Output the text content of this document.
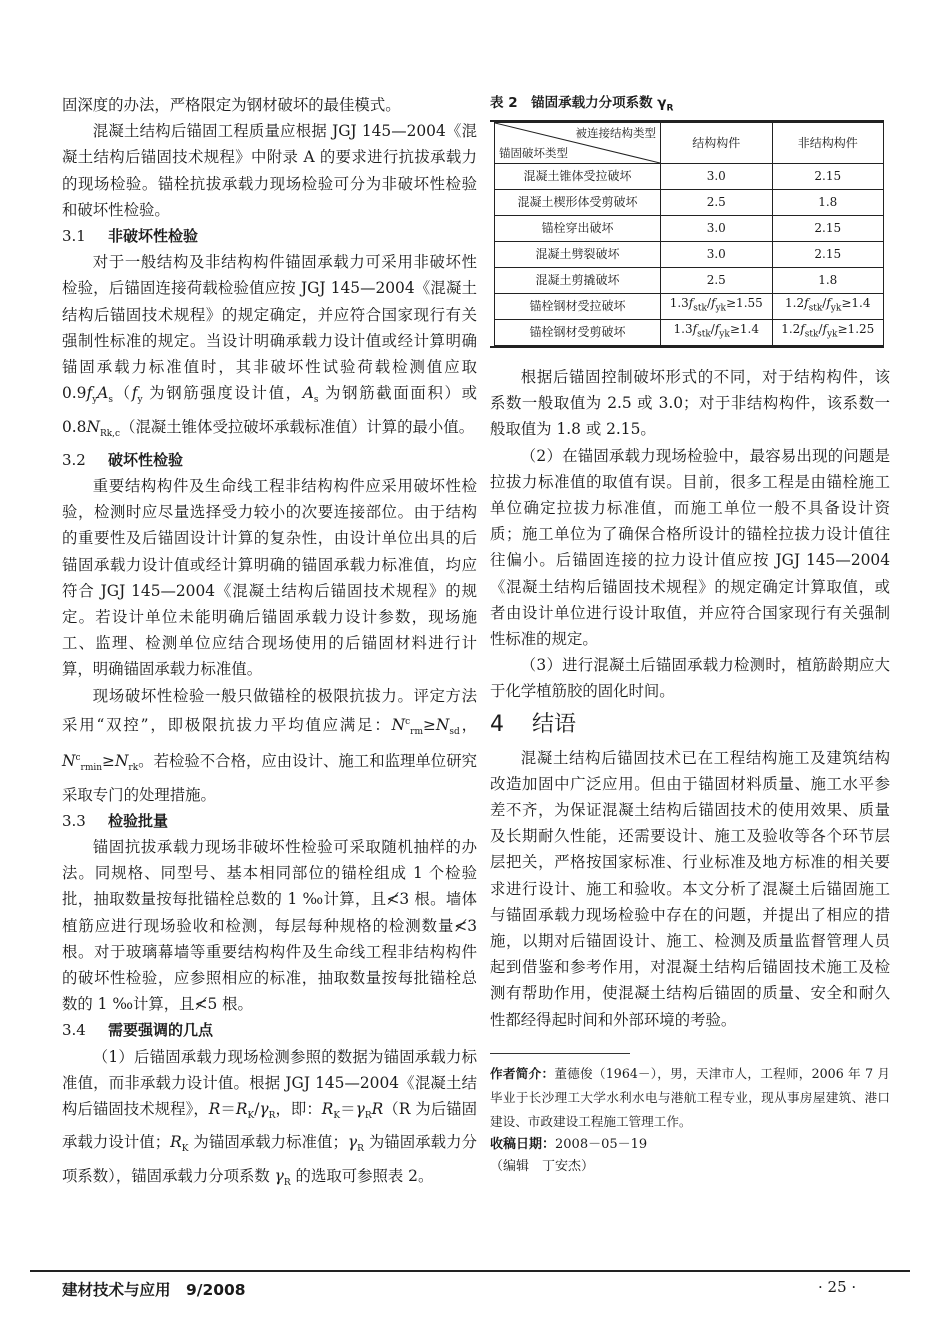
固深度的办法，严格限定为钢材破坏的最佳模式。

混凝土结构后锚固工程质量应根据 JGJ 145—2004《混凝土结构后锚固技术规程》中附录 A 的要求进行抗拔承载力的现场检验。锚栓抗拔承载力现场检验可分为非破坏性检验和破坏性检验。

3.1 非破坏性检验

对于一般结构及非结构构件锚固承载力可采用非破坏性检验，后锚固连接荷载检验值应按 JGJ 145—2004《混凝土结构后锚固技术规程》的规定确定，并应符合国家现行有关强制性标准的规定。当设计明确承载力设计值或经计算明确锚固承载力标准值时，其非破坏性试验荷载检测值应取 $0.9f_yA_s(f_y$ 为钢筋强度设计值，$A_s$ 为钢筋截面面积）或 $0.8N_{Rk,c}$（混凝土锥体受拉破坏承载标准值）计算的最小值。

3.2 破坏性检验

重要结构构件及生命线工程非结构构件应采用破坏性检验，检测时应尽量选择受力较小的次要连接部位。由于结构的重要性及后锚固设计计算的复杂性，由设计单位出具的后锚固承载力设计值或经计算明确的锚固承载力标准值，均应符合 JGJ 145—2004《混凝土结构后锚固技术规程》的规定。若设计单位未能明确后锚固承载力设计参数，现场施工、监理、检测单位应结合现场使用的后锚固材料进行计算，明确锚固承载力标准值。

现场破坏性检验一般只做锚栓的极限抗拔力。评定方法采用“双控”，即极限抗拔力平均值应满足：$N^c_{rm}\ge N_{sd}$，$N^c_{rmin}\ge N_{rk}$。若检验不合格，应由设计、施工和监理单位研究采取专门的处理措施。

3.3 检验批量

锚固抗拔承载力现场非破坏性检验可采取随机抽样的办法。同规格、同型号、基本相同部位的锚栓组成 1 个检验批，抽取数量按每批锚栓总数的 1 ‰计算，且≮3 根。墙体植筋应进行现场验收和检测，每层每种规格的检测数量≮3 根。对于玻璃幕墙等重要结构构件及生命线工程非结构构件的破坏性检验，应参照相应的标准，抽取数量按每批锚栓总数的 1 ‰计算，且≮5 根。

3.4 需要强调的几点

（1）后锚固承载力现场检测参照的数据为锚固承载力标准值，而非承载力设计值。根据 JGJ 145—2004《混凝土结构后锚固技术规程》，$R=R_K/\gamma_R$，即：$R_K=\gamma_RR(R$ 为后锚固承载力设计值；$R_K$ 为锚固承载力标准值；$\gamma_R$ 为锚固承载力分项系数），锚固承载力分项系数 $\gamma_R$ 的选取可参照表 2。

表 2　锚固承载力分项系数 $\gamma_R$

被连接结构类型
锚固破坏类型	结构构件	非结构构件
混凝土锥体受拉破坏	3.0	2.15
混凝土楔形体受剪破坏	2.5	1.8
锚栓穿出破坏	3.0	2.15
混凝土劈裂破坏	3.0	2.15
混凝土剪撬破坏	2.5	1.8
锚栓钢材受拉破坏	$1.3f_{stk}/f_{yk}\ge 1.55$	$1.2f_{stk}/f_{yk}\ge 1.4$
锚栓钢材受剪破坏	$1.3f_{stk}/f_{yk}\ge 1.4$	$1.2f_{stk}/f_{yk}\ge 1.25$

根据后锚固控制破坏形式的不同，对于结构构件，该系数一般取值为 2.5 或 3.0；对于非结构构件，该系数一般取值为 1.8 或 2.15。

（2）在锚固承载力现场检验中，最容易出现的问题是拉拔力标准值的取值有误。目前，很多工程是由锚栓施工单位确定拉拔力标准值，而施工单位一般不具备设计资质；施工单位为了确保合格所设计的锚栓拉拔力设计值往往偏小。后锚固连接的拉力设计值应按 JGJ 145—2004《混凝土结构后锚固技术规程》的规定确定计算取值，或者由设计单位进行设计取值，并应符合国家现行有关强制性标准的规定。

（3）进行混凝土后锚固承载力检测时，植筋龄期应大于化学植筋胶的固化时间。

4 结语

混凝土结构后锚固技术已在工程结构施工及建筑结构改造加固中广泛应用。但由于锚固材料质量、施工水平参差不齐，为保证混凝土结构后锚固技术的使用效果、质量及长期耐久性能，还需要设计、施工及验收等各个环节层层把关，严格按国家标准、行业标准及地方标准的相关要求进行设计、施工和验收。本文分析了混凝土后锚固施工与锚固承载力现场检验中存在的问题，并提出了相应的措施，以期对后锚固设计、施工、检测及质量监督管理人员起到借鉴和参考作用，对混凝土结构后锚固技术施工及检测有帮助作用，使混凝土结构后锚固的质量、安全和耐久性都经得起时间和外部环境的考验。

作者简介：董德俊（1964－），男，天津市人，工程师，2006 年 7 月毕业于长沙理工大学水利水电与港航工程专业，现从事房屋建筑、港口建设、市政建设工程施工管理工作。

收稿日期：2008－05－19

（编辑　丁安杰）

建材技术与应用　9/2008	· 25 ·
